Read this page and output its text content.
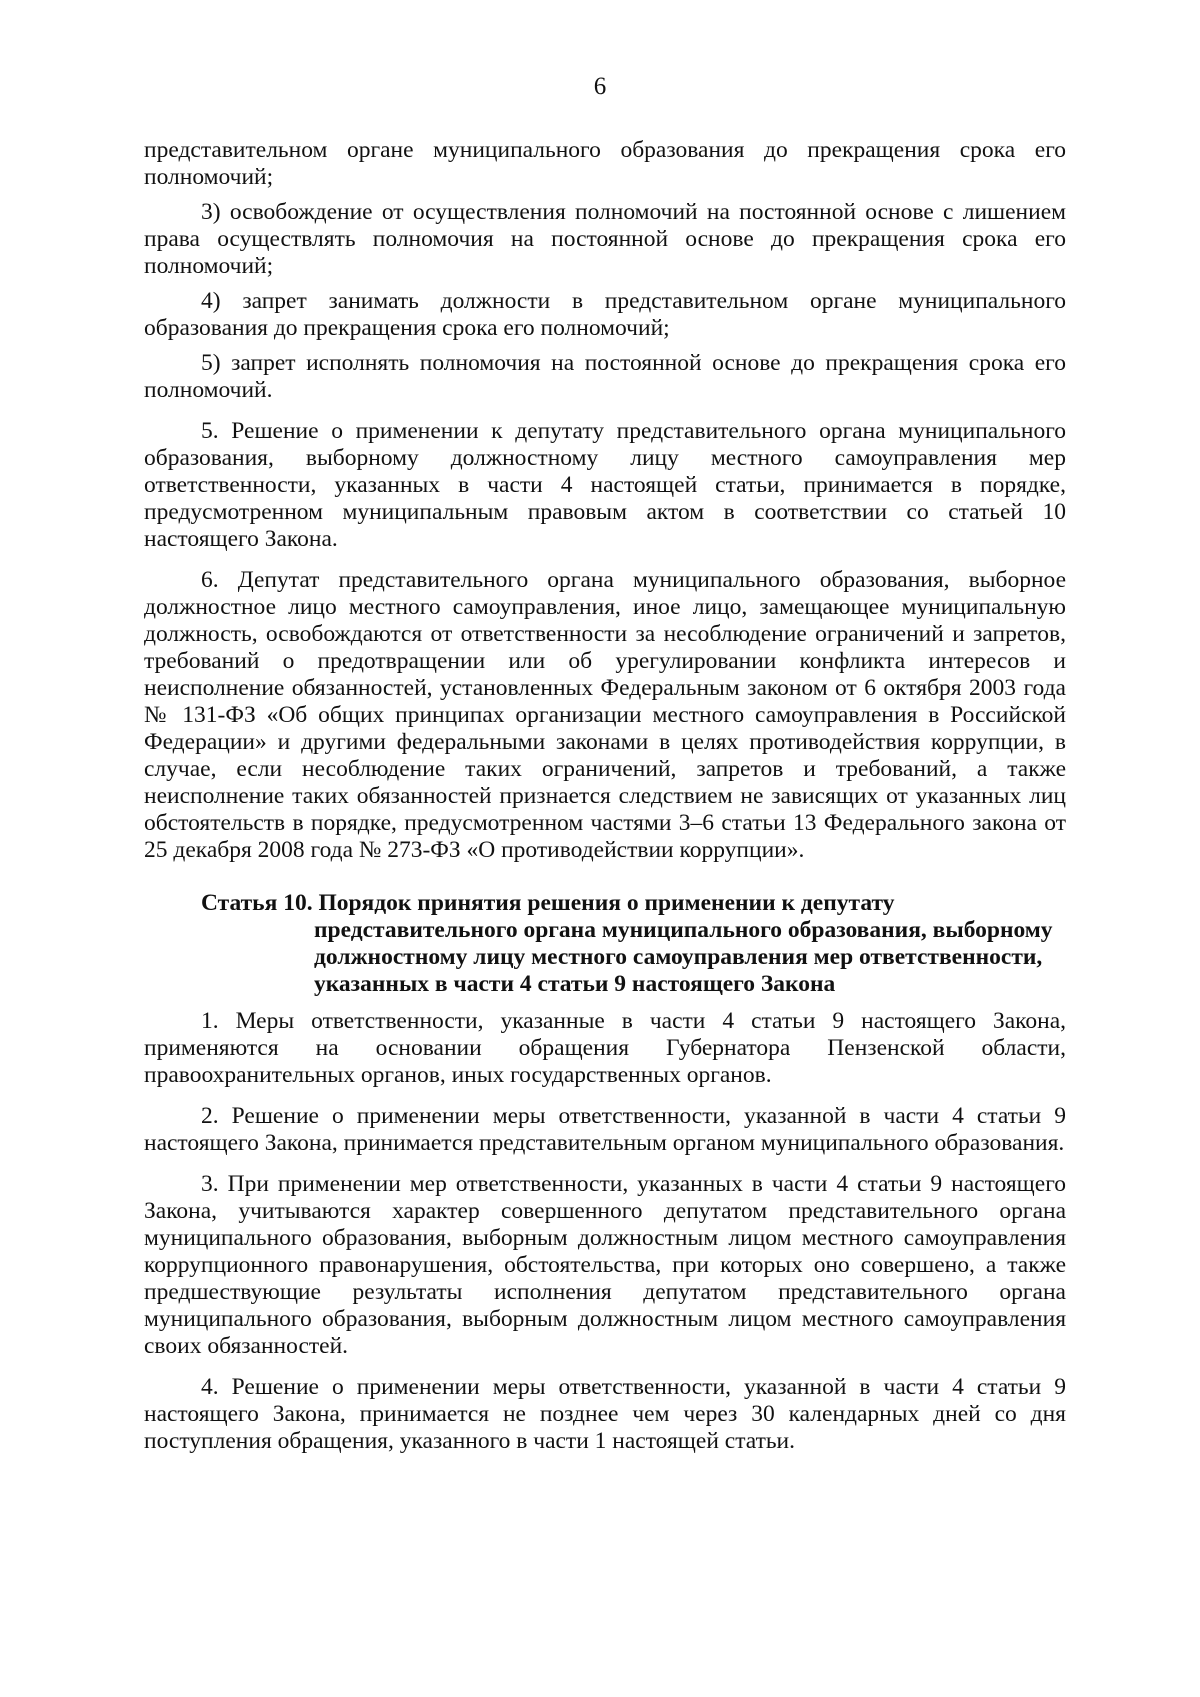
6

представительном органе муниципального образования до прекращения срока его полномочий;

3) освобождение от осуществления полномочий на постоянной основе с лишением права осуществлять полномочия на постоянной основе до прекращения срока его полномочий;

4) запрет занимать должности в представительном органе муниципального образования до прекращения срока его полномочий;

5) запрет исполнять полномочия на постоянной основе до прекращения срока его полномочий.

5. Решение о применении к депутату представительного органа муниципального образования, выборному должностному лицу местного самоуправления мер ответственности, указанных в части 4 настоящей статьи, принимается в порядке, предусмотренном муниципальным правовым актом в соответствии со статьей 10 настоящего Закона.

6. Депутат представительного органа муниципального образования, выборное должностное лицо местного самоуправления, иное лицо, замещающее муниципальную должность, освобождаются от ответственности за несоблюдение ограничений и запретов, требований о предотвращении или об урегулировании конфликта интересов и неисполнение обязанностей, установленных Федеральным законом от 6 октября 2003 года № 131-ФЗ «Об общих принципах организации местного самоуправления в Российской Федерации» и другими федеральными законами в целях противодействия коррупции, в случае, если несоблюдение таких ограничений, запретов и требований, а также неисполнение таких обязанностей признается следствием не зависящих от указанных лиц обстоятельств в порядке, предусмотренном частями 3–6 статьи 13 Федерального закона от 25 декабря 2008 года № 273-ФЗ «О противодействии коррупции».

Статья 10. Порядок принятия решения о применении к депутату представительного органа муниципального образования, выборному должностному лицу местного самоуправления мер ответственности, указанных в части 4 статьи 9 настоящего Закона

1. Меры ответственности, указанные в части 4 статьи 9 настоящего Закона, применяются на основании обращения Губернатора Пензенской области, правоохранительных органов, иных государственных органов.

2. Решение о применении меры ответственности, указанной в части 4 статьи 9 настоящего Закона, принимается представительным органом муниципального образования.

3. При применении мер ответственности, указанных в части 4 статьи 9 настоящего Закона, учитываются характер совершенного депутатом представительного органа муниципального образования, выборным должностным лицом местного самоуправления коррупционного правонарушения, обстоятельства, при которых оно совершено, а также предшествующие результаты исполнения депутатом представительного органа муниципального образования, выборным должностным лицом местного самоуправления своих обязанностей.

4. Решение о применении меры ответственности, указанной в части 4 статьи 9 настоящего Закона, принимается не позднее чем через 30 календарных дней со дня поступления обращения, указанного в части 1 настоящей статьи.
